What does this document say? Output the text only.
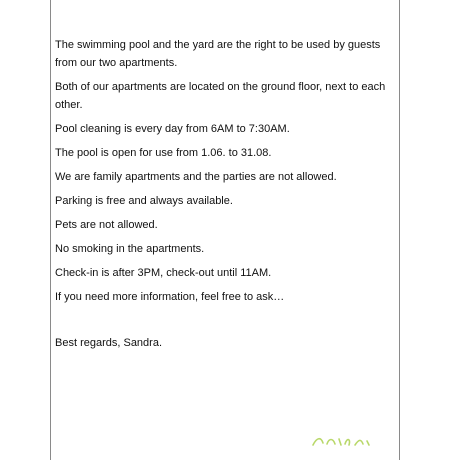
The swimming pool and the yard are the right to be used by guests from our two apartments.

Both of our apartments are located on the ground floor, next to each other.

Pool cleaning is every day from 6AM to 7:30AM.

The pool is open for use from 1.06. to 31.08.

We are family apartments and the parties are not allowed.

Parking is free and always available.

Pets are not allowed.

No smoking in the apartments.

Check-in is after 3PM, check-out until 11AM.

If you need more information, feel free to ask…

Best regards, Sandra.
